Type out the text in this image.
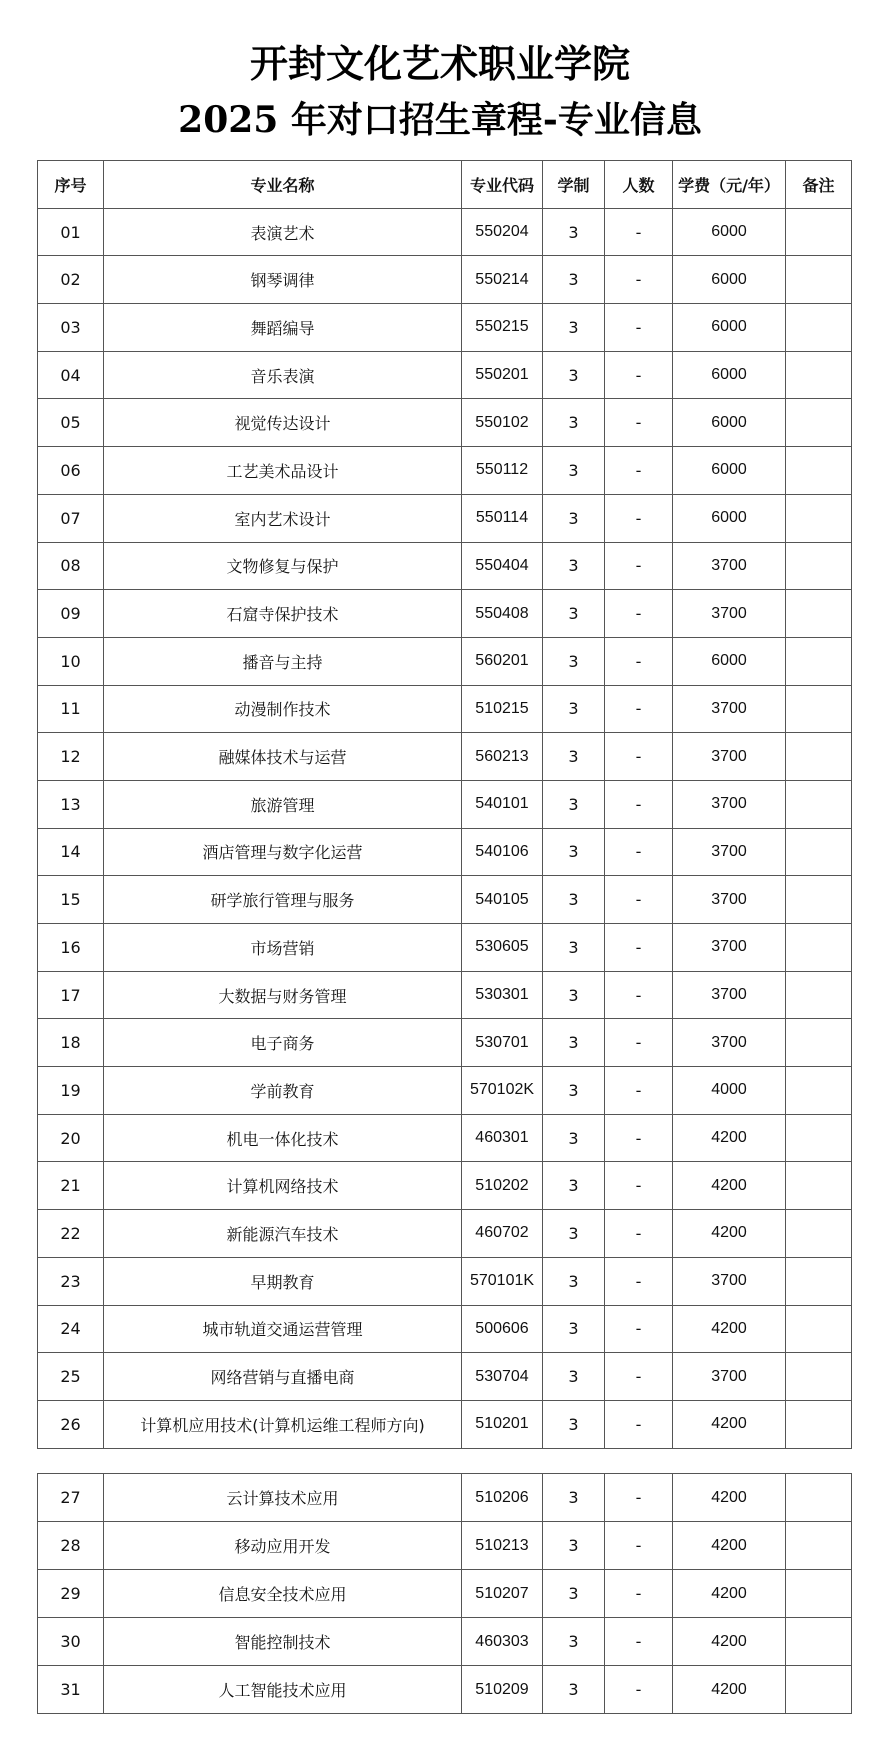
开封文化艺术职业学院
2025 年对口招生章程-专业信息
序号	专业名称	专业代码	学制	人数	学费（元/年）	备注
01	表演艺术	550204	3	-	6000	
02	钢琴调律	550214	3	-	6000	
03	舞蹈编导	550215	3	-	6000	
04	音乐表演	550201	3	-	6000	
05	视觉传达设计	550102	3	-	6000	
06	工艺美术品设计	550112	3	-	6000	
07	室内艺术设计	550114	3	-	6000	
08	文物修复与保护	550404	3	-	3700	
09	石窟寺保护技术	550408	3	-	3700	
10	播音与主持	560201	3	-	6000	
11	动漫制作技术	510215	3	-	3700	
12	融媒体技术与运营	560213	3	-	3700	
13	旅游管理	540101	3	-	3700	
14	酒店管理与数字化运营	540106	3	-	3700	
15	研学旅行管理与服务	540105	3	-	3700	
16	市场营销	530605	3	-	3700	
17	大数据与财务管理	530301	3	-	3700	
18	电子商务	530701	3	-	3700	
19	学前教育	570102K	3	-	4000	
20	机电一体化技术	460301	3	-	4200	
21	计算机网络技术	510202	3	-	4200	
22	新能源汽车技术	460702	3	-	4200	
23	早期教育	570101K	3	-	3700	
24	城市轨道交通运营管理	500606	3	-	4200	
25	网络营销与直播电商	530704	3	-	3700	
26	计算机应用技术(计算机运维工程师方向)	510201	3	-	4200	
27	云计算技术应用	510206	3	-	4200	
28	移动应用开发	510213	3	-	4200	
29	信息安全技术应用	510207	3	-	4200	
30	智能控制技术	460303	3	-	4200	
31	人工智能技术应用	510209	3	-	4200	
